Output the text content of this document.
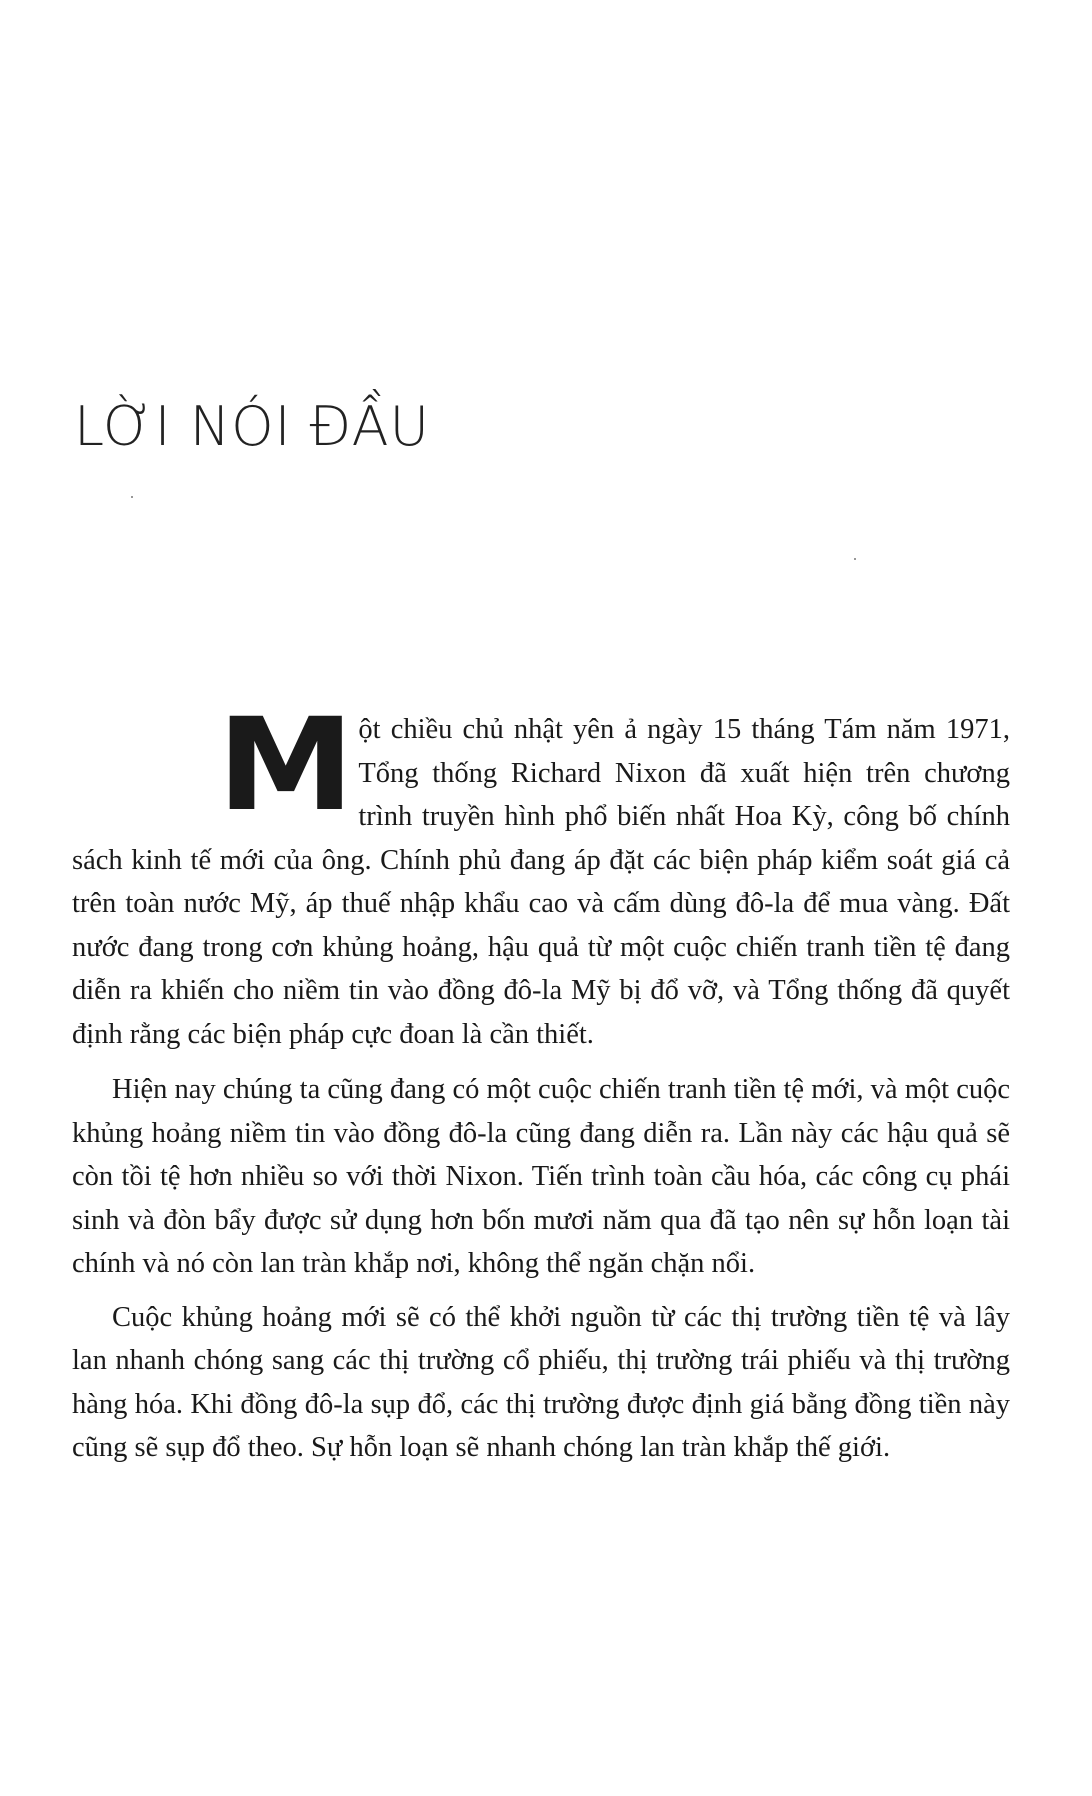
LỜI NÓI ĐẦU

Một chiều chủ nhật yên ả ngày 15 tháng Tám năm 1971, Tổng thống Richard Nixon đã xuất hiện trên chương trình truyền hình phổ biến nhất Hoa Kỳ, công bố chính sách kinh tế mới của ông. Chính phủ đang áp đặt các biện pháp kiểm soát giá cả trên toàn nước Mỹ, áp thuế nhập khẩu cao và cấm dùng đô-la để mua vàng. Đất nước đang trong cơn khủng hoảng, hậu quả từ một cuộc chiến tranh tiền tệ đang diễn ra khiến cho niềm tin vào đồng đô-la Mỹ bị đổ vỡ, và Tổng thống đã quyết định rằng các biện pháp cực đoan là cần thiết.

Hiện nay chúng ta cũng đang có một cuộc chiến tranh tiền tệ mới, và một cuộc khủng hoảng niềm tin vào đồng đô-la cũng đang diễn ra. Lần này các hậu quả sẽ còn tồi tệ hơn nhiều so với thời Nixon. Tiến trình toàn cầu hóa, các công cụ phái sinh và đòn bẩy được sử dụng hơn bốn mươi năm qua đã tạo nên sự hỗn loạn tài chính và nó còn lan tràn khắp nơi, không thể ngăn chặn nổi.

Cuộc khủng hoảng mới sẽ có thể khởi nguồn từ các thị trường tiền tệ và lây lan nhanh chóng sang các thị trường cổ phiếu, thị trường trái phiếu và thị trường hàng hóa. Khi đồng đô-la sụp đổ, các thị trường được định giá bằng đồng tiền này cũng sẽ sụp đổ theo. Sự hỗn loạn sẽ nhanh chóng lan tràn khắp thế giới.
